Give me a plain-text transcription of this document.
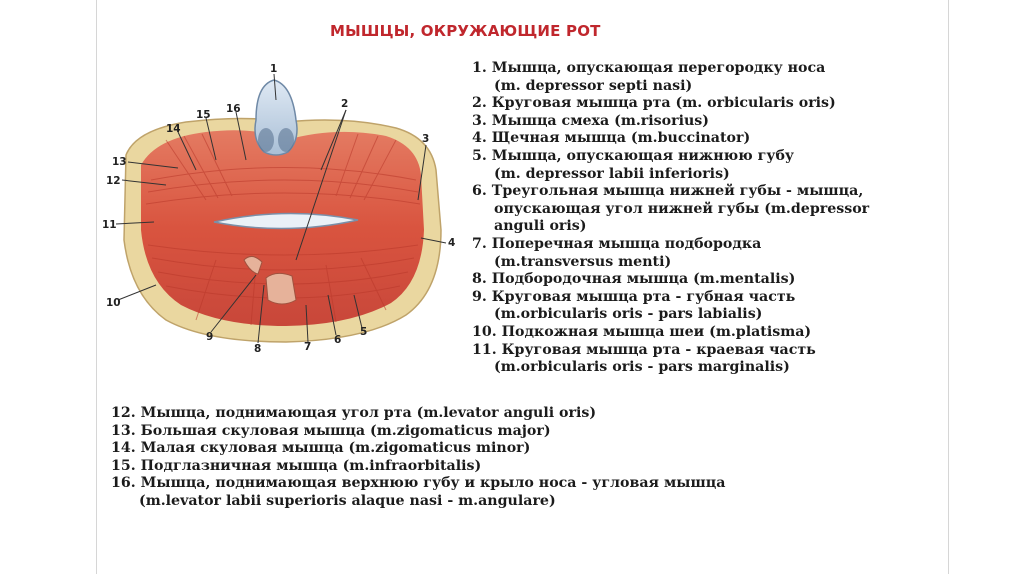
МЫШЦЫ, ОКРУЖАЮЩИЕ РОТ
1
2
3
4
5
6
7
8
9
10
11
12
13
14
15 16
1. Мышца, опускающая перегородку носа
(m. depressor septi nasi)
2. Круговая мышца рта (m. orbicularis oris)
3. Мышца смеха (m.risorius)
4. Щечная мышца (m.buccinator)
5. Мышца, опускающая нижнюю губу
(m. depressor labii inferioris)
6. Треугольная мышца нижней губы - мышца,
опускающая угол нижней губы (m.depressor
anguli oris)
7. Поперечная мышца подбородка
(m.transversus menti)
8. Подбородочная мышца (m.mentalis)
9. Круговая мышца рта - губная часть
(m.orbicularis oris - pars labialis)
10. Подкожная мышца шеи (m.platisma)
11. Круговая мышца рта - краевая часть
(m.orbicularis oris - pars marginalis)
12. Мышца, поднимающая угол рта (m.levator anguli oris)
13. Большая скуловая мышца (m.zigomaticus major)
14. Малая скуловая мышца (m.zigomaticus minor)
15. Подглазничная мышца (m.infraorbitalis)
16. Мышца, поднимающая верхнюю губу и крыло носа - угловая мышца
(m.levator labii superioris alaque nasi - m.angulare)
